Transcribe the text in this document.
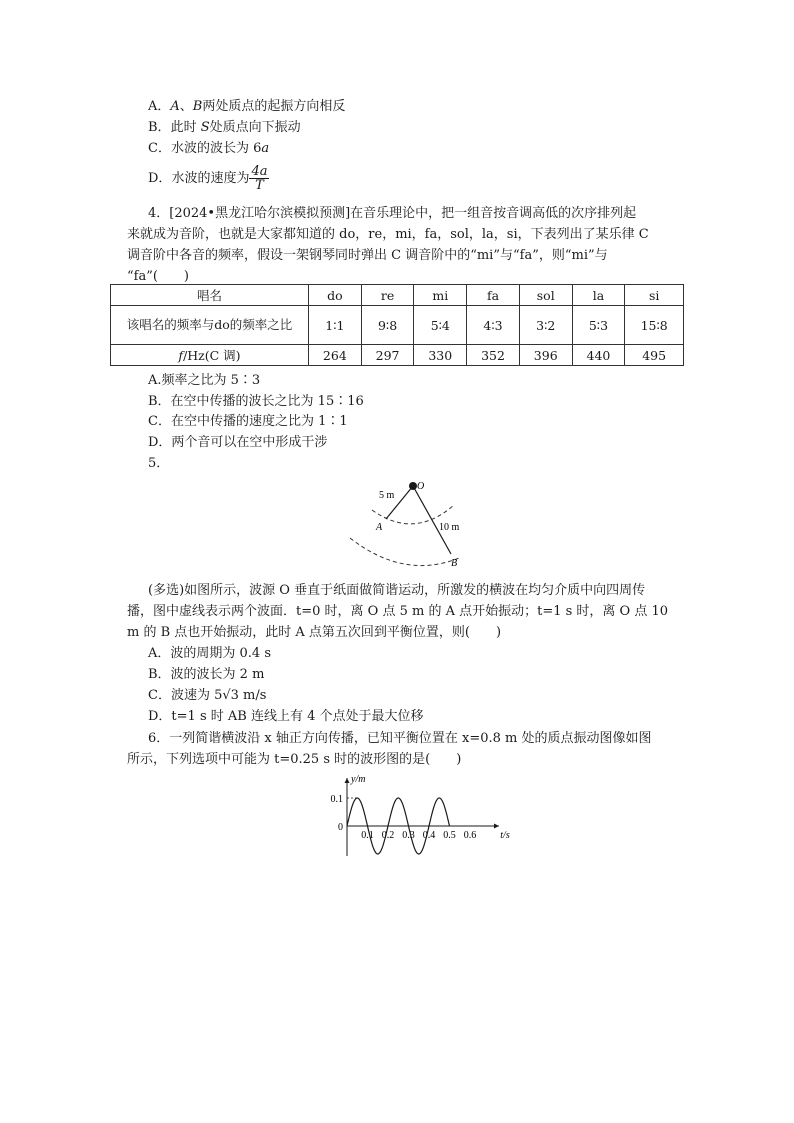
A．A、B两处质点的起振方向相反
B．此时 S处质点向下振动
C．水波的波长为 6a
D．水波的速度为 $\frac{4a}{T}$
4．[2024•黑龙江哈尔滨模拟预测]在音乐理论中，把一组音按音调高低的次序排列起
来就成为音阶，也就是大家都知道的 do，re，mi，fa，sol，la，si，下表列出了某乐律 C
调音阶中各音的频率，假设一架钢琴同时弹出 C 调音阶中的“mi”与“fa”，则“mi”与
“fa”(　　)
唱名	do	re	mi	fa	sol	la	si
该唱名的频率与do的频率之比	1∶1	9∶8	5∶4	4∶3	3∶2	5∶3	15∶8
f/Hz(C 调)	264	297	330	352	396	440	495
A.频率之比为 5∶3
B．在空中传播的波长之比为 15∶16
C．在空中传播的速度之比为 1∶1
D．两个音可以在空中形成干涉
5．
O
5 m
A	10 m
B
(多选)如图所示，波源 O 垂直于纸面做简谐运动，所激发的横波在均匀介质中向四周传
播，图中虚线表示两个波面．t=0 时，离 O 点 5 m 的 A 点开始振动；t=1 s 时，离 O 点 10
m 的 B 点也开始振动，此时 A 点第五次回到平衡位置，则(　　)
A．波的周期为 0.4 s
B．波的波长为 2 m
C．波速为 5√3 m/s
D．t=1 s 时 AB 连线上有 4 个点处于最大位移
6．一列简谐横波沿 x 轴正方向传播，已知平衡位置在 x=0.8 m 处的质点振动图像如图
所示，下列选项中可能为 t=0.25 s 时的波形图的是(　　)
0.1 0.2 0.3 0.4 0.5 0.6
0.1
0
t/s
y/m
